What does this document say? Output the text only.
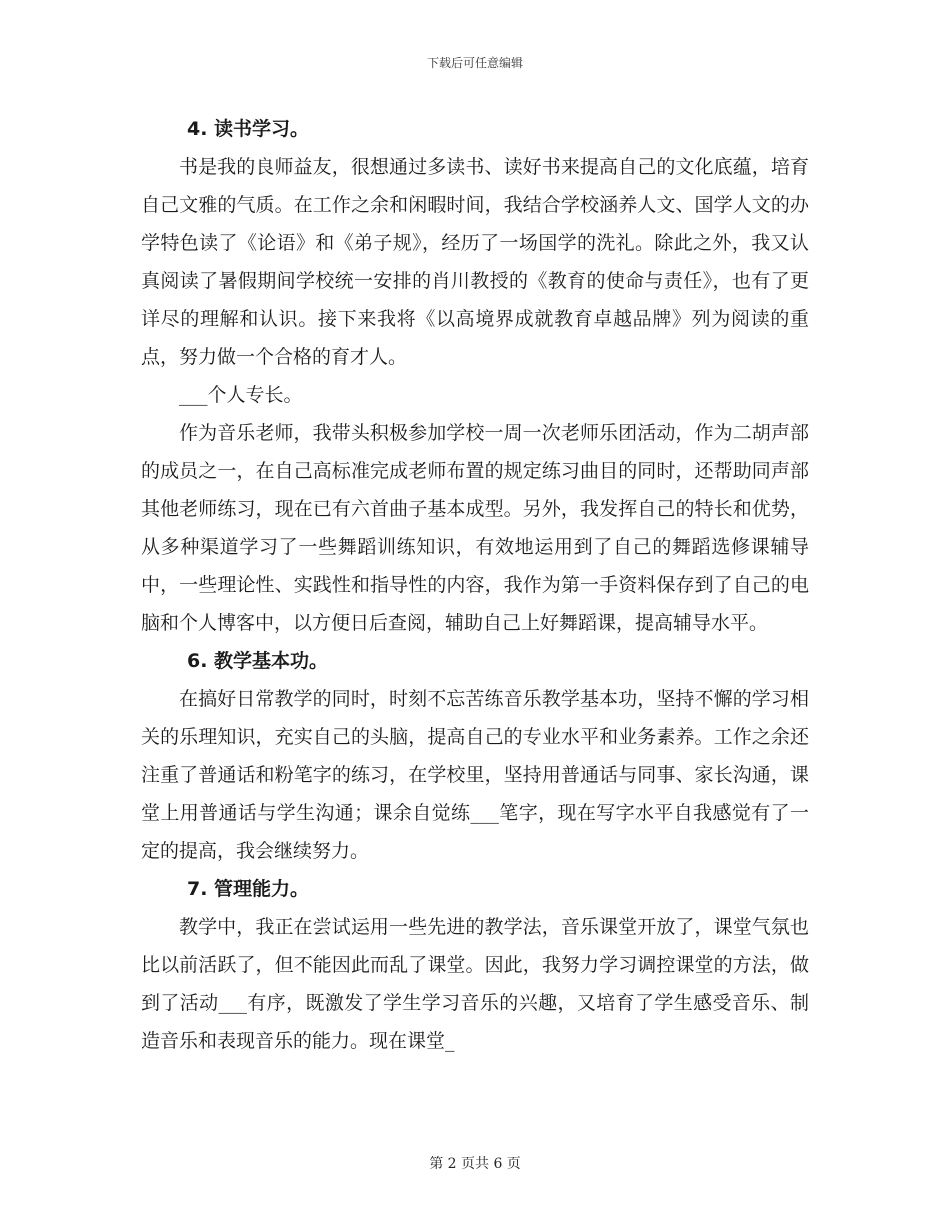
下载后可任意编辑
4. 读书学习。

书是我的良师益友，很想通过多读书、读好书来提高自己的文化底蕴，培育自己文雅的气质。在工作之余和闲暇时间，我结合学校涵养人文、国学人文的办学特色读了《论语》和《弟子规》，经历了一场国学的洗礼。除此之外，我又认真阅读了暑假期间学校统一安排的肖川教授的《教育的使命与责任》，也有了更详尽的理解和认识。接下来我将《以高境界成就教育卓越品牌》列为阅读的重点，努力做一个合格的育才人。

___个人专长。

作为音乐老师，我带头积极参加学校一周一次老师乐团活动，作为二胡声部的成员之一，在自己高标准完成老师布置的规定练习曲目的同时，还帮助同声部其他老师练习，现在已有六首曲子基本成型。另外，我发挥自己的特长和优势，从多种渠道学习了一些舞蹈训练知识，有效地运用到了自己的舞蹈选修课辅导中，一些理论性、实践性和指导性的内容，我作为第一手资料保存到了自己的电脑和个人博客中，以方便日后查阅，辅助自己上好舞蹈课，提高辅导水平。

6. 教学基本功。

在搞好日常教学的同时，时刻不忘苦练音乐教学基本功，坚持不懈的学习相关的乐理知识，充实自己的头脑，提高自己的专业水平和业务素养。工作之余还注重了普通话和粉笔字的练习，在学校里，坚持用普通话与同事、家长沟通，课堂上用普通话与学生沟通；课余自觉练___笔字，现在写字水平自我感觉有了一定的提高，我会继续努力。

7. 管理能力。

教学中，我正在尝试运用一些先进的教学法，音乐课堂开放了，课堂气氛也比以前活跃了，但不能因此而乱了课堂。因此，我努力学习调控课堂的方法，做到了活动___有序，既激发了学生学习音乐的兴趣，又培育了学生感受音乐、制造音乐和表现音乐的能力。现在课堂_

第 2 页共 6 页
